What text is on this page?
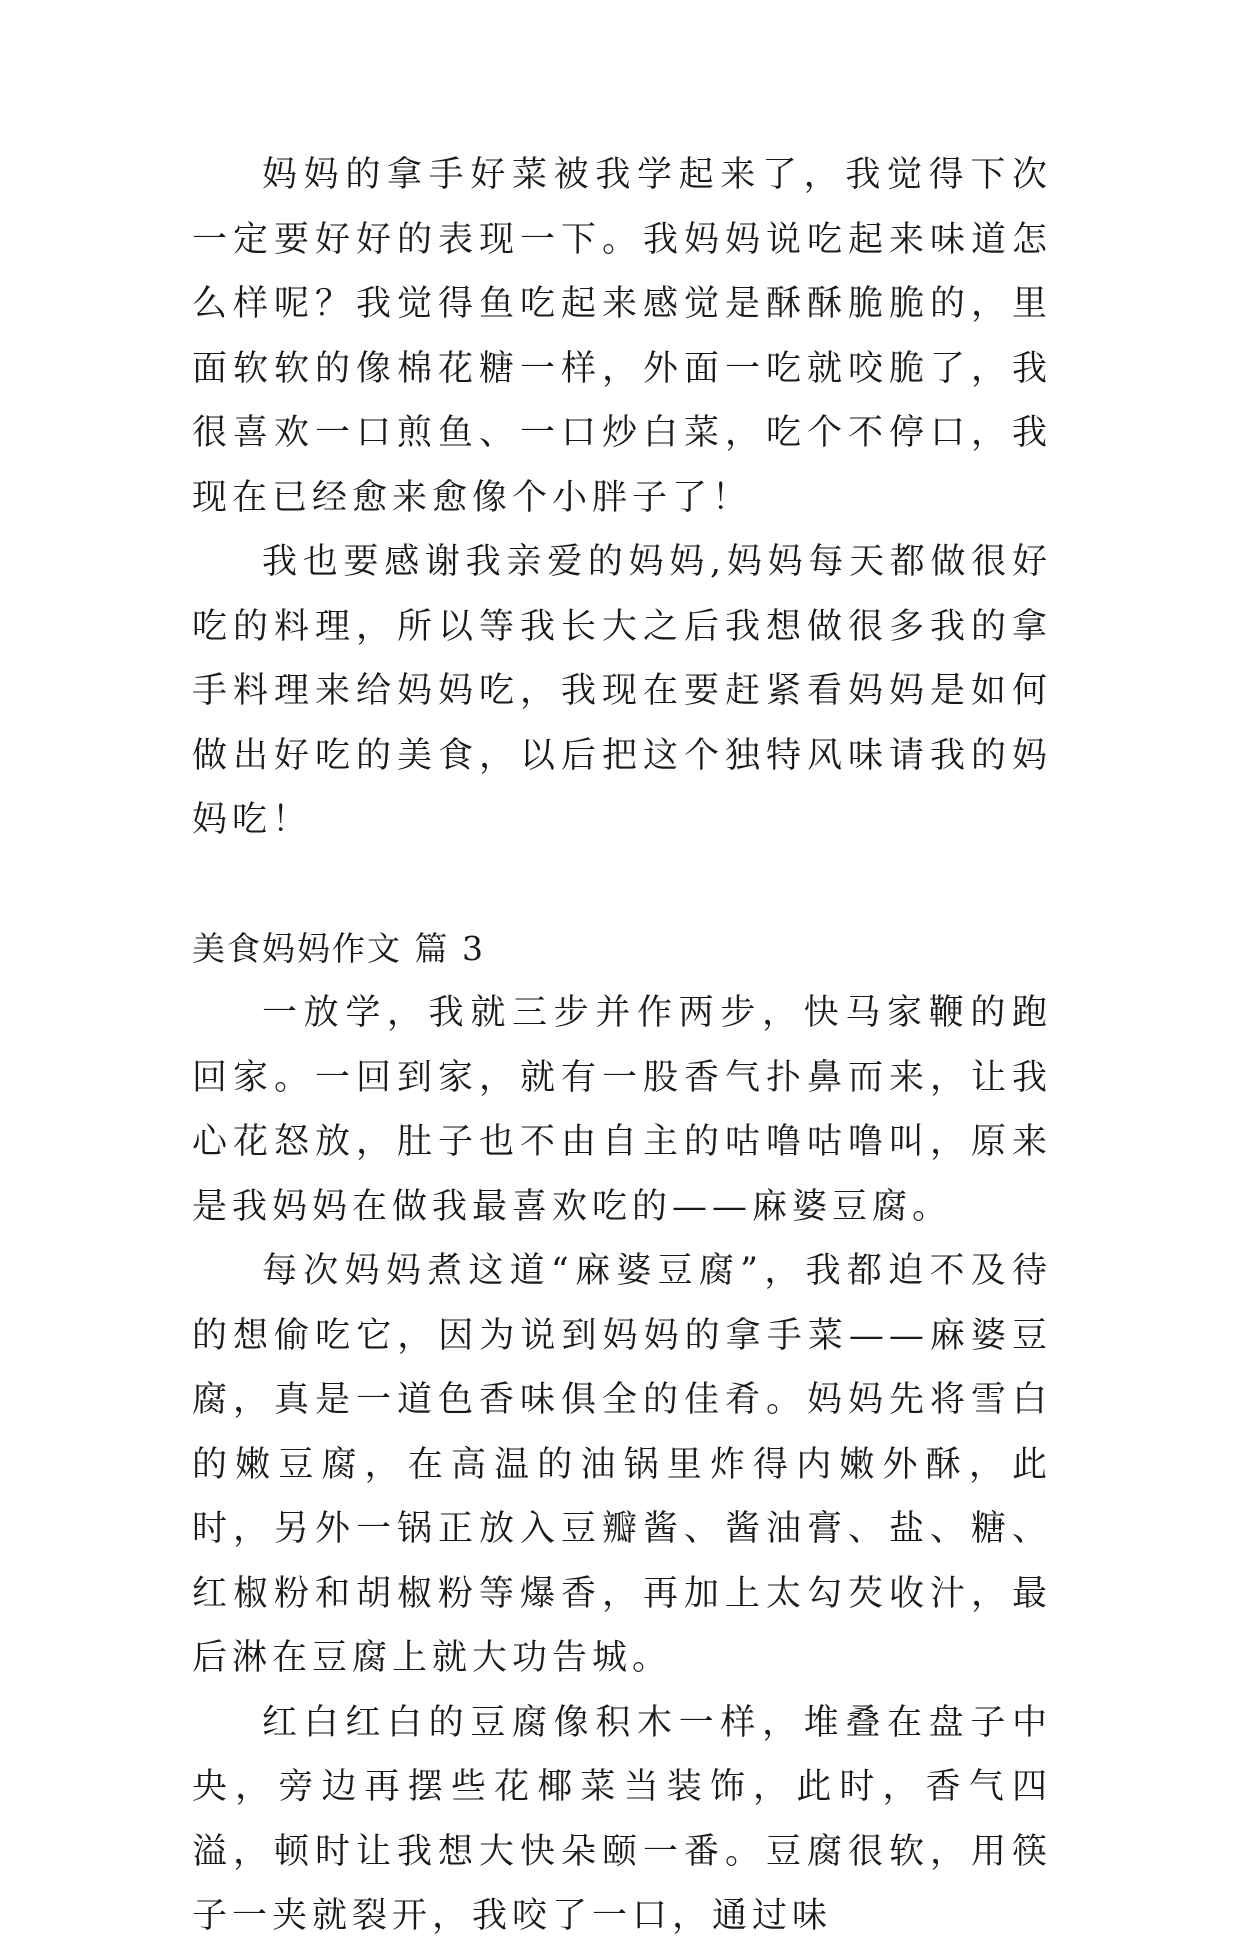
妈妈的拿手好菜被我学起来了，我觉得下次一定要好好的表现一下。我妈妈说吃起来味道怎么样呢？我觉得鱼吃起来感觉是酥酥脆脆的，里面软软的像棉花糖一样，外面一吃就咬脆了，我很喜欢一口煎鱼、一口炒白菜，吃个不停口，我现在已经愈来愈像个小胖子了！

我也要感谢我亲爱的妈妈,妈妈每天都做很好吃的料理，所以等我长大之后我想做很多我的拿手料理来给妈妈吃，我现在要赶紧看妈妈是如何做出好吃的美食，以后把这个独特风味请我的妈妈吃！

美食妈妈作文 篇 3

一放学，我就三步并作两步，快马家鞭的跑回家。一回到家，就有一股香气扑鼻而来，让我心花怒放，肚子也不由自主的咕噜咕噜叫，原来是我妈妈在做我最喜欢吃的——麻婆豆腐。

每次妈妈煮这道“麻婆豆腐”，我都迫不及待的想偷吃它，因为说到妈妈的拿手菜——麻婆豆腐，真是一道色香味俱全的佳肴。妈妈先将雪白的嫩豆腐，在高温的油锅里炸得内嫩外酥，此时，另外一锅正放入豆瓣酱、酱油膏、盐、糖、红椒粉和胡椒粉等爆香，再加上太勾芡收汁，最后淋在豆腐上就大功告城。

红白红白的豆腐像积木一样，堆叠在盘子中央，旁边再摆些花椰菜当装饰，此时，香气四溢，顿时让我想大快朵颐一番。豆腐很软，用筷子一夹就裂开，我咬了一口，通过味
